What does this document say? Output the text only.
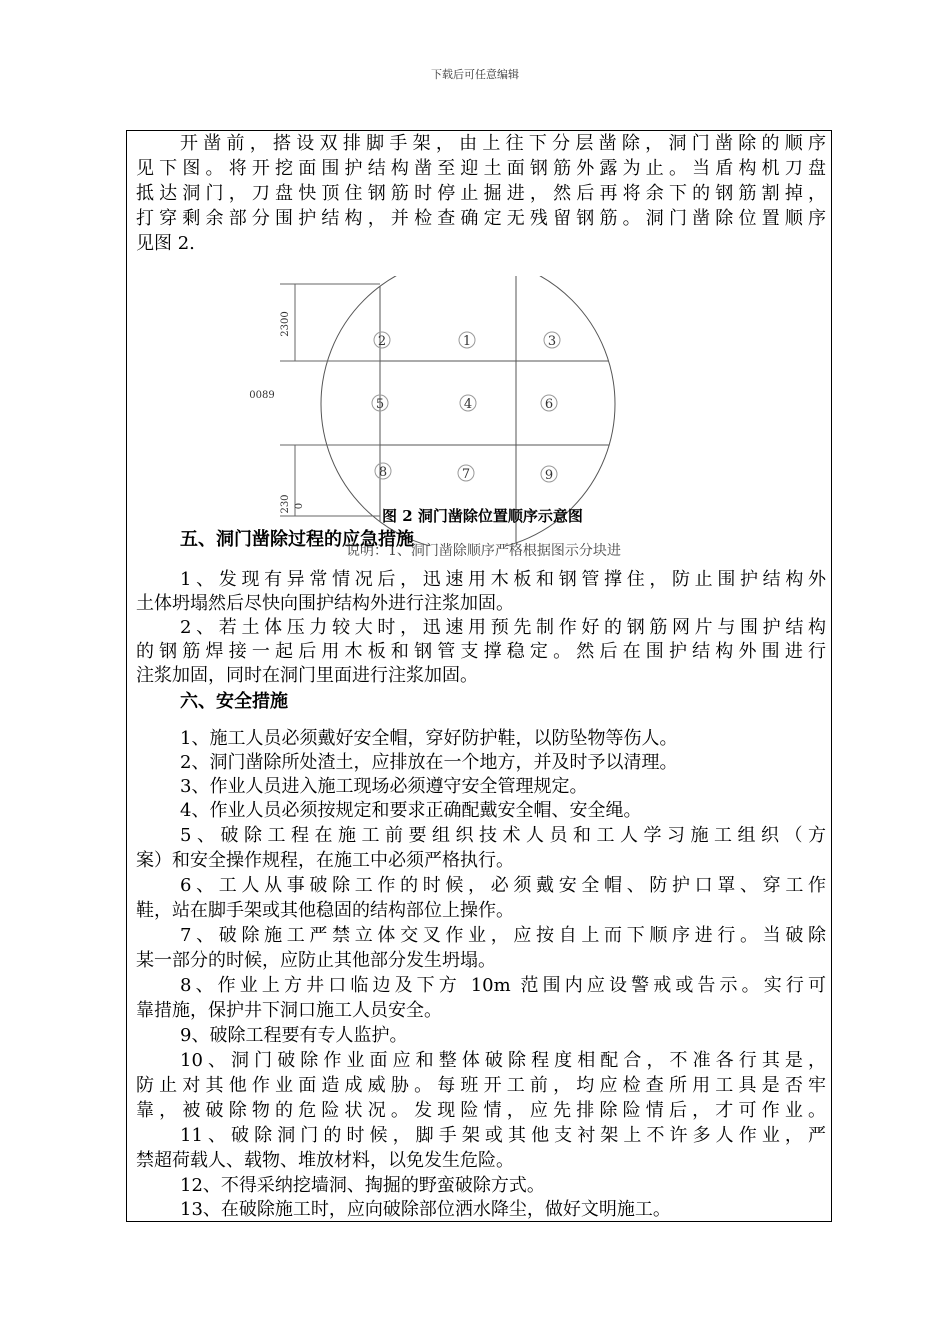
下载后可任意编辑
开凿前，搭设双排脚手架，由上往下分层凿除，洞门凿除的顺序
见下图。将开挖面围护结构凿至迎土面钢筋外露为止。当盾构机刀盘
抵达洞门，刀盘快顶住钢筋时停止掘进，然后再将余下的钢筋割掉，
打穿剩余部分围护结构，并检查确定无残留钢筋。洞门凿除位置顺序
见图 2.
2300
0089
230 0
2	1	3
5	4	6
8	7	9
说明：1、洞门凿除顺序严格根据图示分块进
图 2 洞门凿除位置顺序示意图
五、洞门凿除过程的应急措施
1、发现有异常情况后，迅速用木板和钢管撑住，防止围护结构外
土体坍塌然后尽快向围护结构外进行注浆加固。
2、若土体压力较大时，迅速用预先制作好的钢筋网片与围护结构
的钢筋焊接一起后用木板和钢管支撑稳定。然后在围护结构外围进行
注浆加固，同时在洞门里面进行注浆加固。
六、安全措施
1、施工人员必须戴好安全帽，穿好防护鞋，以防坠物等伤人。
2、洞门凿除所处渣土，应排放在一个地方，并及时予以清理。
3、作业人员进入施工现场必须遵守安全管理规定。
4、作业人员必须按规定和要求正确配戴安全帽、安全绳。
5、破除工程在施工前要组织技术人员和工人学习施工组织（方
案）和安全操作规程，在施工中必须严格执行。
6、工人从事破除工作的时候，必须戴安全帽、防护口罩、穿工作
鞋，站在脚手架或其他稳固的结构部位上操作。
7、破除施工严禁立体交叉作业，应按自上而下顺序进行。当破除
某一部分的时候，应防止其他部分发生坍塌。
8、作业上方井口临边及下方 10m 范围内应设警戒或告示。实行可
靠措施，保护井下洞口施工人员安全。
9、破除工程要有专人监护。
10、洞门破除作业面应和整体破除程度相配合，不准各行其是，
防止对其他作业面造成威胁。每班开工前，均应检查所用工具是否牢
靠，被破除物的危险状况。发现险情，应先排除险情后，才可作业。
11、破除洞门的时候，脚手架或其他支衬架上不许多人作业，严
禁超荷载人、载物、堆放材料，以免发生危险。
12、不得采纳挖墙洞、掏掘的野蛮破除方式。
13、在破除施工时，应向破除部位洒水降尘，做好文明施工。
